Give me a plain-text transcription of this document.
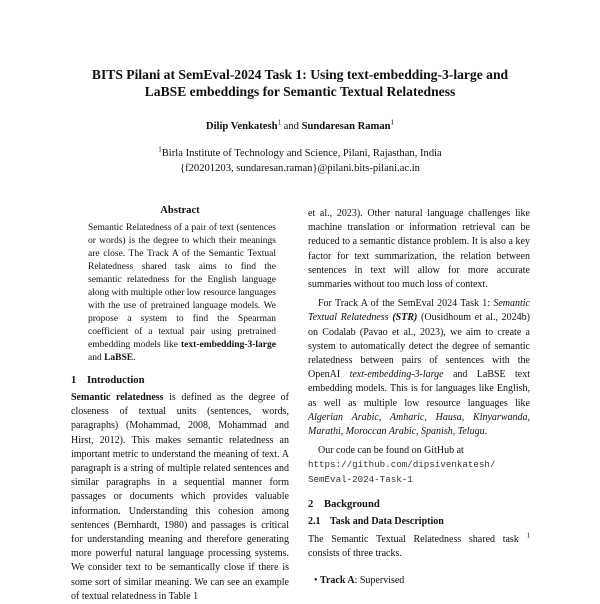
BITS Pilani at SemEval-2024 Task 1: Using text-embedding-3-large and
LaBSE embeddings for Semantic Textual Relatedness
Dilip Venkatesh$^1$ and Sundaresan Raman$^1$
$^1$Birla Institute of Technology and Science, Pilani, Rajasthan, India
{f20201203, sundaresan.raman}@pilani.bits-pilani.ac.in
Abstract

Semantic Relatedness of a pair of text (sentences or words) is the degree to which their meanings are close. The Track A of the Semantic Textual Relatedness shared task aims to find the semantic relatedness for the English language along with multiple other low resource languages with the use of pretrained language models. We propose a system to find the Spearman coefficient of a textual pair using pretrained embedding models like text-embedding-3-large and LaBSE.

1 Introduction

Semantic relatedness is defined as the degree of closeness of textual units (sentences, words, paragraphs) (Mohammad, 2008, Mohammad and Hirst, 2012). This makes semantic relatedness an important metric to understand the meaning of text. A paragraph is a string of multiple related sentences and similar paragraphs in a sequential manner form passages or documents which provides valuable information. Understanding this cohesion among sentences (Bernhardt, 1980) and passages is critical for understanding meaning and therefore generating more powerful natural language processing systems. We consider text to be semantically close if there is some sort of similar meaning. We can see an example of textual relatedness in Table 1

et al., 2023). Other natural language challenges like machine translation or information retrieval can be reduced to a semantic distance problem. It is also a key factor for text summarization, the relation between sentences in text will allow for more accurate summaries without too much loss of context.

For Track A of the SemEval 2024 Task 1: Semantic Textual Relatedness (STR) (Ousidhoum et al., 2024b) on Codalab (Pavao et al., 2023), we aim to create a system to automatically detect the degree of semantic relatedness between pairs of sentences with the OpenAI text-embedding-3-large and LaBSE text embedding models. This is for languages like English, as well as multiple low resource languages like Algerian Arabic, Amharic, Hausa, Kinyarwanda, Marathi, Moroccan Arabic, Spanish, Telugu.

Our code can be found on GitHub at

https://github.com/dipsivenkatesh/
SemEval-2024-Task-1
2 Background
2.1 Task and Data Description

The Semantic Textual Relatedness shared task $^1$ consists of three tracks.

• Track A: Supervised
